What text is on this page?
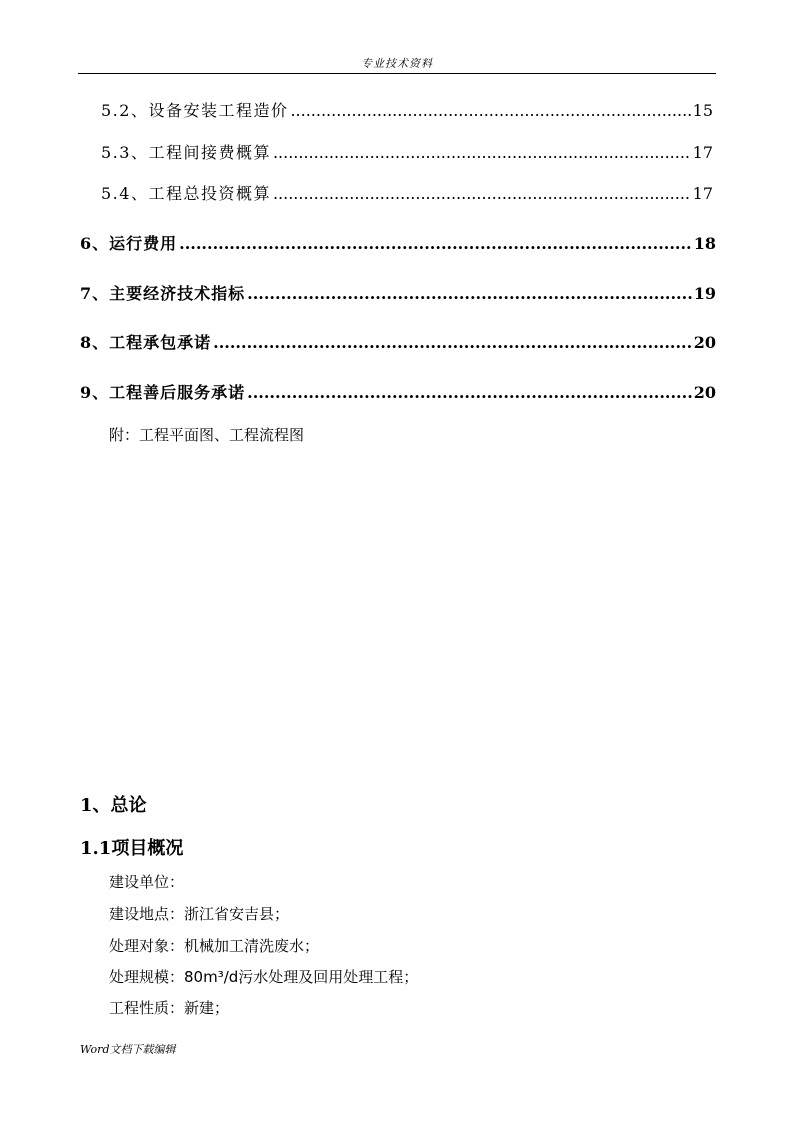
专业技术资料
5.2、设备安装工程造价 .....	15
5.3、工程间接费概算 .....	17
5.4、工程总投资概算 .....	17
6、运行费用 .....	18
7、主要经济技术指标 .....	19
8、工程承包承诺 .....	20
9、工程善后服务承诺 .....	20
附：工程平面图、工程流程图
1、总论
1.1项目概况
建设单位：
建设地点：浙江省安吉县；
处理对象：机械加工清洗废水；
处理规模：80m³/d污水处理及回用处理工程；
工程性质：新建；
Word文档下载编辑
